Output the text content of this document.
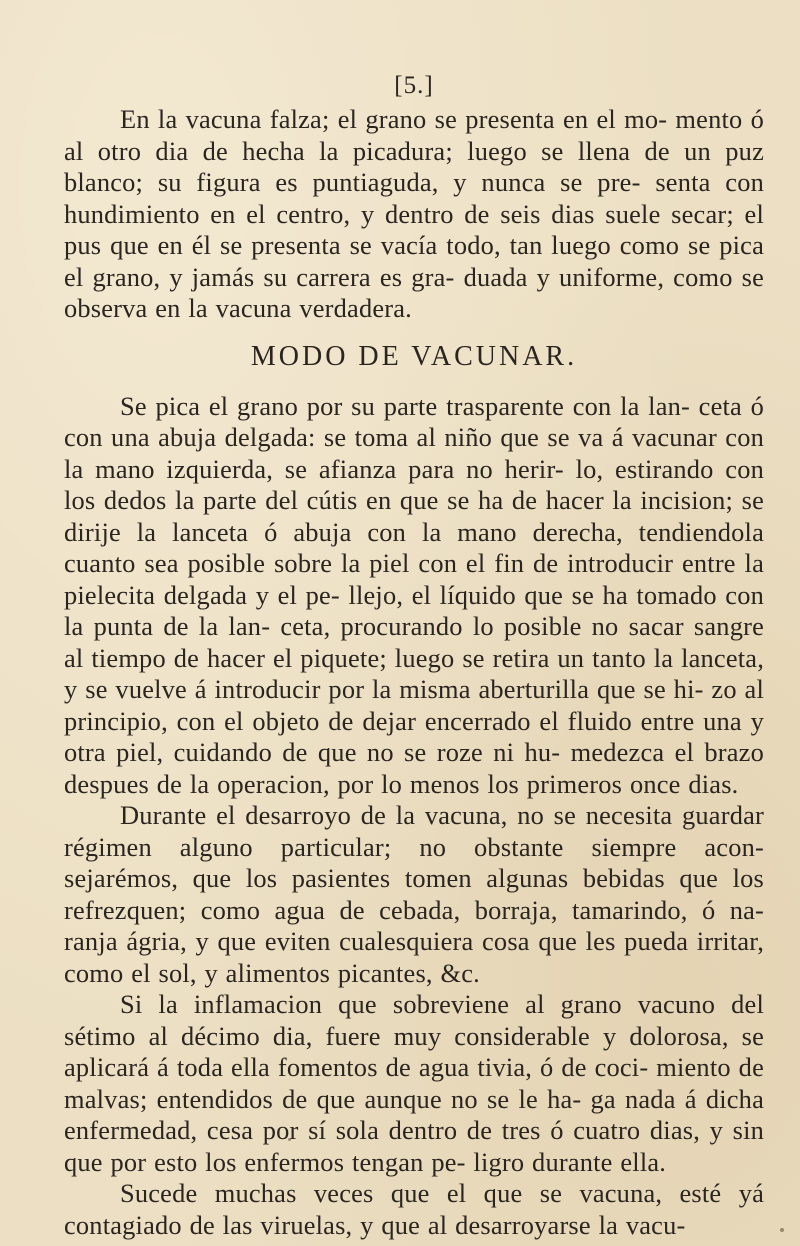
[5.]

En la vacuna falza; el grano se presenta en el mo- mento ó al otro dia de hecha la picadura; luego se llena de un puz blanco; su figura es puntiaguda, y nunca se pre- senta con hundimiento en el centro, y dentro de seis dias suele secar; el pus que en él se presenta se vacía todo, tan luego como se pica el grano, y jamás su carrera es gra- duada y uniforme, como se observa en la vacuna verdadera.

MODO DE VACUNAR.

Se pica el grano por su parte trasparente con la lan- ceta ó con una abuja delgada: se toma al niño que se va á vacunar con la mano izquierda, se afianza para no herir- lo, estirando con los dedos la parte del cútis en que se ha de hacer la incision; se dirije la lanceta ó abuja con la mano derecha, tendiendola cuanto sea posible sobre la piel con el fin de introducir entre la pielecita delgada y el pe- llejo, el líquido que se ha tomado con la punta de la lan- ceta, procurando lo posible no sacar sangre al tiempo de hacer el piquete; luego se retira un tanto la lanceta, y se vuelve á introducir por la misma aberturilla que se hi- zo al principio, con el objeto de dejar encerrado el fluido entre una y otra piel, cuidando de que no se roze ni hu- medezca el brazo despues de la operacion, por lo menos los primeros once dias.

Durante el desarroyo de la vacuna, no se necesita guardar régimen alguno particular; no obstante siempre acon- sejarémos, que los pasientes tomen algunas bebidas que los refrezquen; como agua de cebada, borraja, tamarindo, ó na- ranja ágria, y que eviten cualesquiera cosa que les pueda irritar, como el sol, y alimentos picantes, &c.

Si la inflamacion que sobreviene al grano vacuno del sétimo al décimo dia, fuere muy considerable y dolorosa, se aplicará á toda ella fomentos de agua tivia, ó de coci- miento de malvas; entendidos de que aunque no se le ha- ga nada á dicha enfermedad, cesa por sí sola dentro de tres ó cuatro dias, y sin que por esto los enfermos tengan pe- ligro durante ella.

Sucede muchas veces que el que se vacuna, esté yá contagiado de las viruelas, y que al desarroyarse la vacu-
